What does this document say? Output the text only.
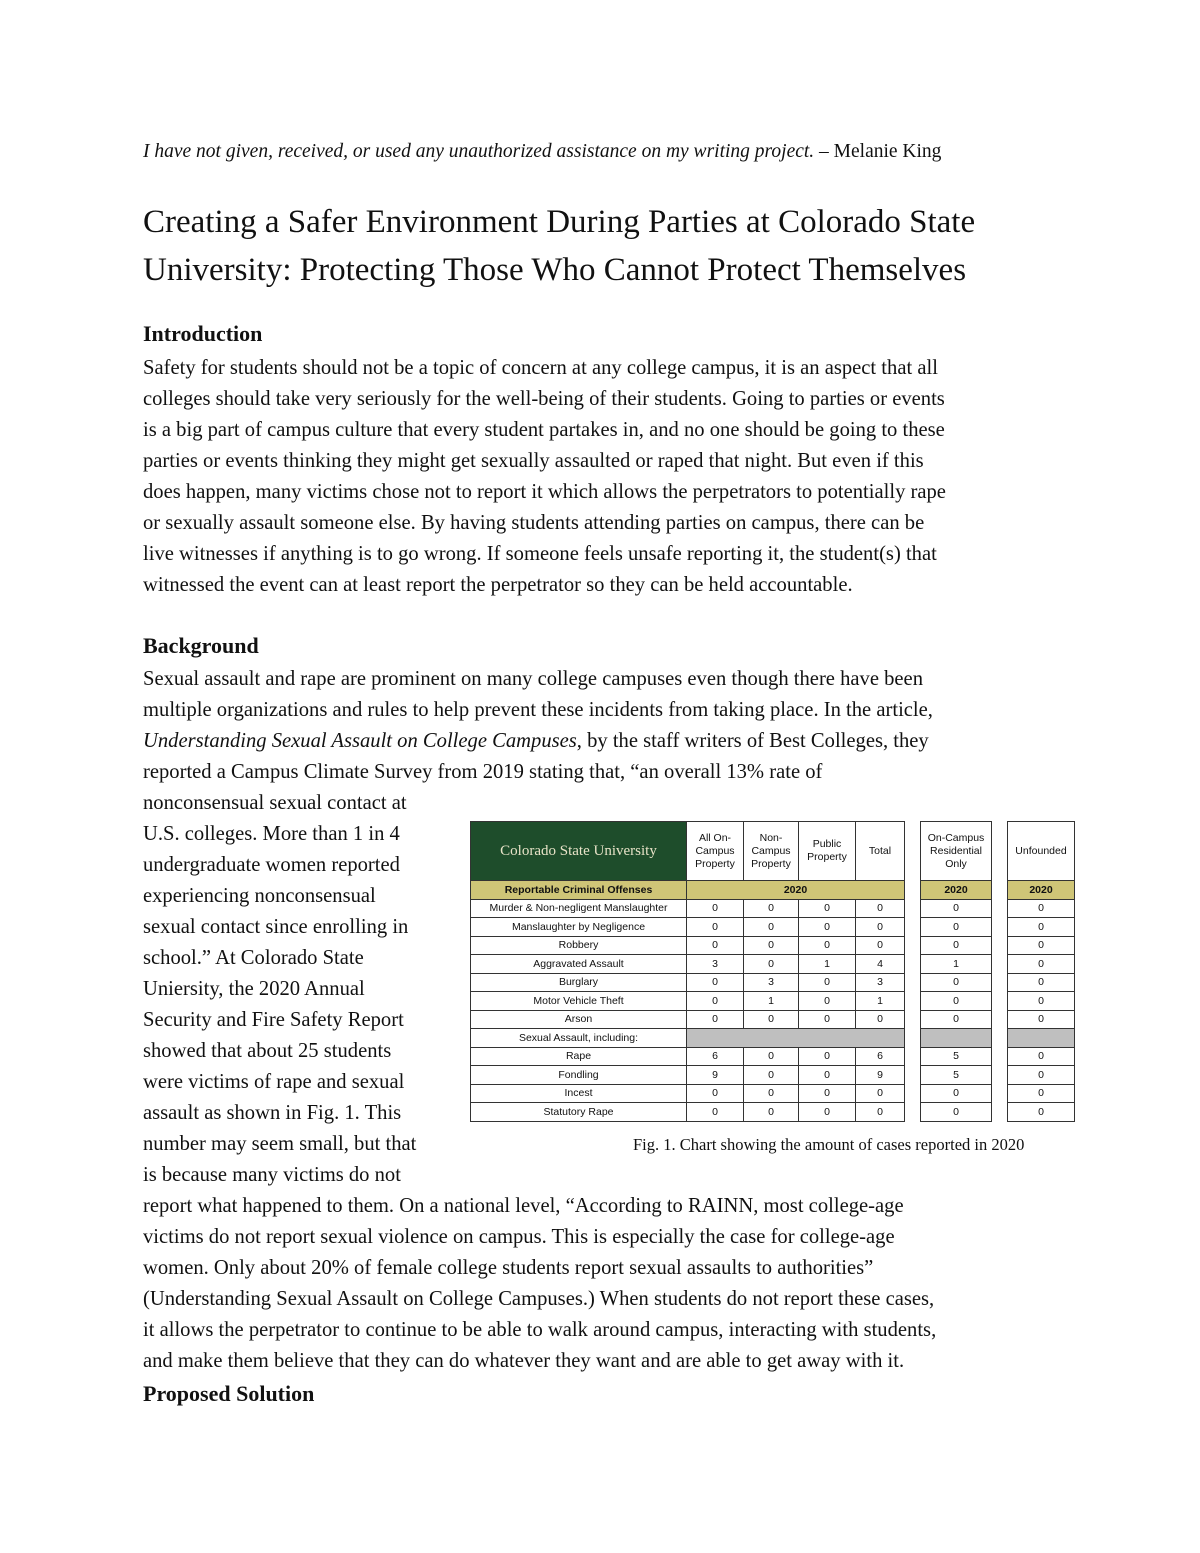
I have not given, received, or used any unauthorized assistance on my writing project. – Melanie King
Creating a Safer Environment During Parties at Colorado State
University: Protecting Those Who Cannot Protect Themselves
Introduction

Safety for students should not be a topic of concern at any college campus, it is an aspect that all

colleges should take very seriously for the well-being of their students. Going to parties or events

is a big part of campus culture that every student partakes in, and no one should be going to these

parties or events thinking they might get sexually assaulted or raped that night. But even if this

does happen, many victims chose not to report it which allows the perpetrators to potentially rape

or sexually assault someone else. By having students attending parties on campus, there can be

live witnesses if anything is to go wrong. If someone feels unsafe reporting it, the student(s) that

witnessed the event can at least report the perpetrator so they can be held accountable.

Background

Sexual assault and rape are prominent on many college campuses even though there have been

multiple organizations and rules to help prevent these incidents from taking place. In the article,

Understanding Sexual Assault on College Campuses, by the staff writers of Best Colleges, they

reported a Campus Climate Survey from 2019 stating that, “an overall 13% rate of

nonconsensual sexual contact at

U.S. colleges. More than 1 in 4

undergraduate women reported

experiencing nonconsensual

sexual contact since enrolling in

school.” At Colorado State

Uniersity, the 2020 Annual

Security and Fire Safety Report

showed that about 25 students

were victims of rape and sexual

assault as shown in Fig. 1. This

number may seem small, but that

is because many victims do not

Colorado State University	All On-Campus Property	Non-Campus Property	Public Property	Total		On-Campus Residential Only		Unfounded
Reportable Criminal Offenses	2020					2020		2020
Murder & Non-negligent Manslaughter	0	0	0	0		0		0
Manslaughter by Negligence	0	0	0	0		0		0
Robbery	0	0	0	0		0		0
Aggravated Assault	3	0	1	4		1		0
Burglary	0	3	0	3		0		0
Motor Vehicle Theft	0	1	0	1		0		0
Arson	0	0	0	0		0		0
Sexual Assault, including:								
Rape	6	0	0	6		5		0
Fondling	9	0	0	9		5		0
Incest	0	0	0	0		0		0
Statutory Rape	0	0	0	0		0		0
Fig. 1. Chart showing the amount of cases reported in 2020

report what happened to them. On a national level, “According to RAINN, most college-age

victims do not report sexual violence on campus. This is especially the case for college-age

women. Only about 20% of female college students report sexual assaults to authorities”

(Understanding Sexual Assault on College Campuses.) When students do not report these cases,

it allows the perpetrator to continue to be able to walk around campus, interacting with students,

and make them believe that they can do whatever they want and are able to get away with it.

Proposed Solution
